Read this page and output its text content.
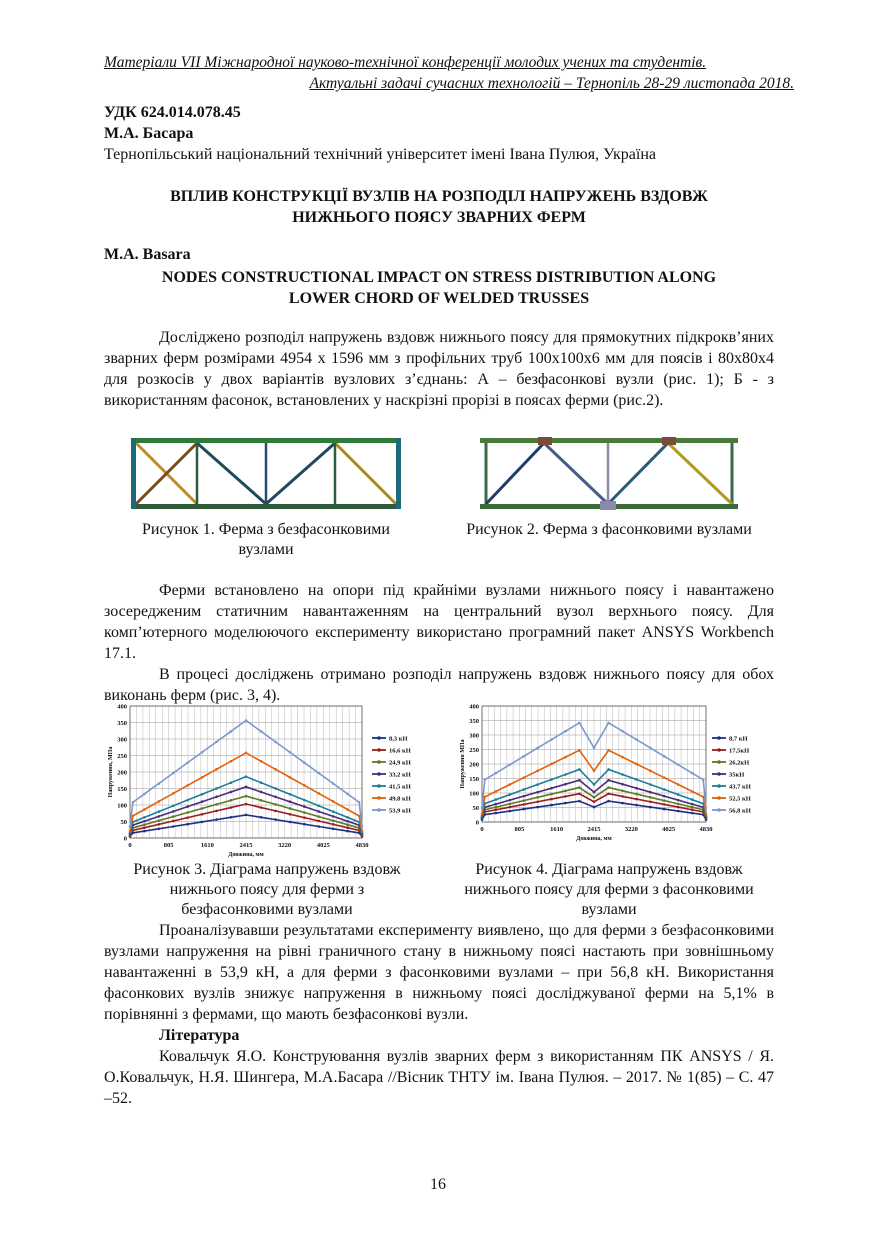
Матеріали VII Міжнародної науково-технічної конференції молодих учених та студентів.
Актуальні задачі сучасних технологій – Тернопіль 28-29 листопада 2018.
УДК 624.014.078.45
М.А. Басара
Тернопільський національний технічний університет імені Івана Пулюя, Україна
ВПЛИВ КОНСТРУКЦІЇ ВУЗЛІВ НА РОЗПОДІЛ НАПРУЖЕНЬ ВЗДОВЖ
НИЖНЬОГО ПОЯСУ ЗВАРНИХ ФЕРМ
M.A. Basara
NODES CONSTRUCTIONAL IMPACT ON STRESS DISTRIBUTION ALONG
LOWER CHORD OF WELDED TRUSSES

Досліджено розподіл напружень вздовж нижнього поясу для прямокутних підкрокв’яних зварних ферм розмірами 4954 х 1596 мм з профільних труб 100х100х6 мм для поясів і 80х80х4 для розкосів у двох варіантів вузлових з’єднань: А – безфасонкові вузли (рис. 1); Б - з використанням фасонок, встановлених у наскрізні прорізі в поясах ферми (рис.2).

Рисунок 1. Ферма з безфасонковими вузлами
Рисунок 2. Ферма з фасонковими вузлами

Ферми встановлено на опори під крайніми вузлами нижнього поясу і навантажено зосередженим статичним навантаженням на центральний вузол верхнього поясу. Для комп’ютерного моделюючого експерименту використано програмний пакет ANSYS Workbench 17.1.

В процесі досліджень отримано розподіл напружень вздовж нижнього поясу для обох виконань ферм (рис. 3, 4).

0
50
100
150
200
250
300
350
400
0	805	1610	2415	3220	4025	4830
Довжина, мм
Напруження, МПа
8,3 кН
16,6 кН
24,9 кН
33,2 кН
41,5 кН
49,8 кН
53,9 кН
0
50
100
150
200
250
300
350
400
0	805	1610	2415	3220	4025	4830
Довжина, мм
Напруження МПа
8,7 кН
17,5кН
26,2кН
35кН
43,7 кН
52,5 кН
56,8 кН
Рисунок 3. Діаграма напружень вздовж нижнього поясу для ферми з безфасонковими вузлами
Рисунок 4. Діаграма напружень вздовж нижнього поясу для ферми з фасонковими вузлами

Проаналізувавши результатами експерименту виявлено, що для ферми з безфасонковими вузлами напруження на рівні граничного стану в нижньому поясі настають при зовнішньому навантаженні в 53,9 кН, а для ферми з фасонковими вузлами – при 56,8 кН. Використання фасонкових вузлів знижує напруження в нижньому поясі досліджуваної ферми на 5,1% в порівнянні з фермами, що мають безфасонкові вузли.

Література

Ковальчук Я.О. Конструювання вузлів зварних ферм з використанням ПК ANSYS / Я. О.Ковальчук, Н.Я. Шингера, М.А.Басара //Вісник ТНТУ ім. Івана Пулюя. – 2017. № 1(85) – С. 47 –52.

16
